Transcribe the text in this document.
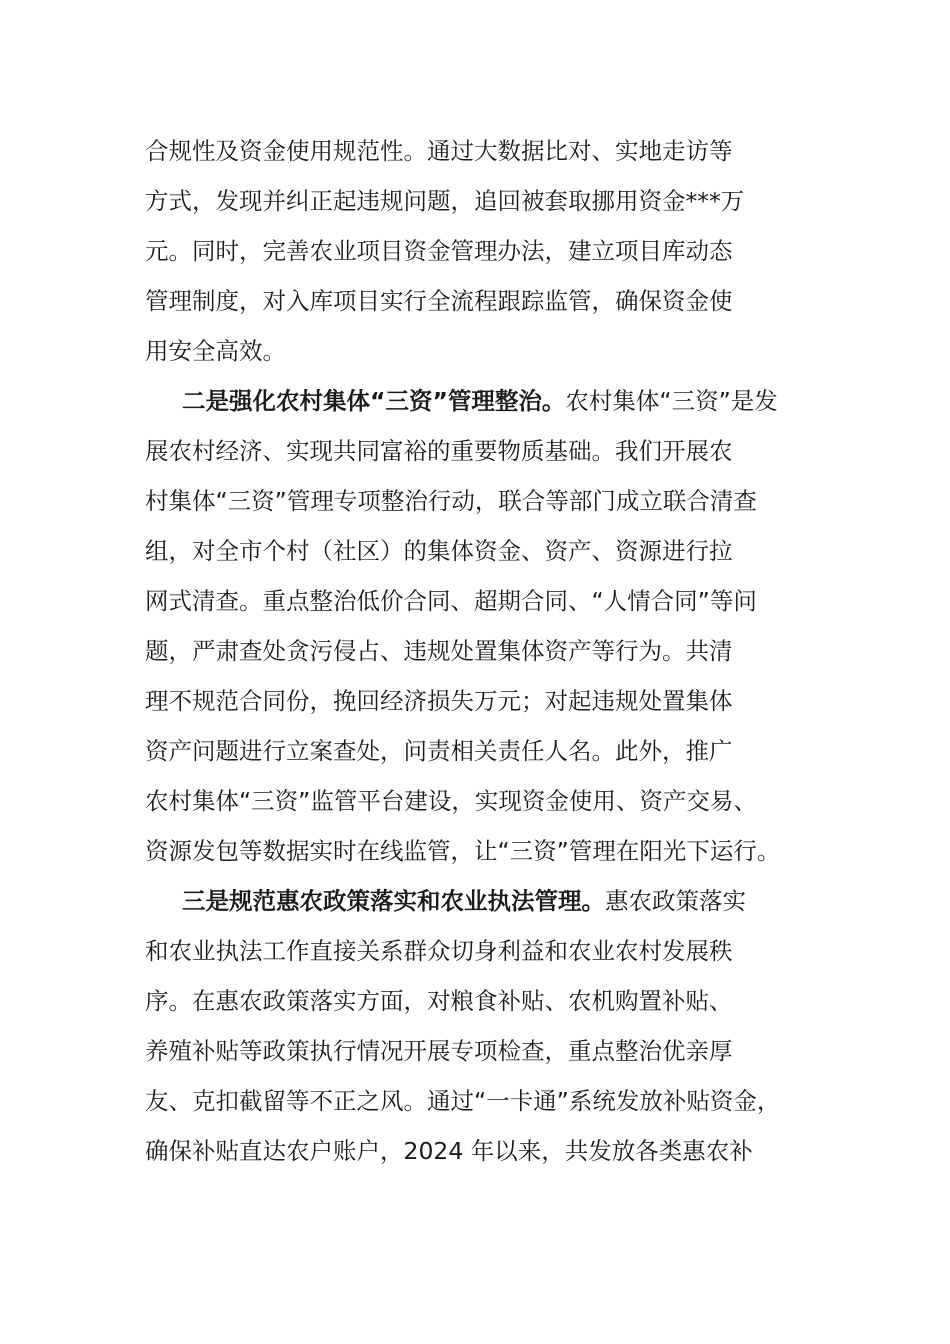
合规性及资金使用规范性。通过大数据比对、实地走访等
方式，发现并纠正起违规问题，追回被套取挪用资金***万
元。同时，完善农业项目资金管理办法，建立项目库动态
管理制度，对入库项目实行全流程跟踪监管，确保资金使
用安全高效。
二是强化农村集体“三资”管理整治。农村集体“三资”是发
展农村经济、实现共同富裕的重要物质基础。我们开展农
村集体“三资”管理专项整治行动，联合等部门成立联合清查
组，对全市个村（社区）的集体资金、资产、资源进行拉
网式清查。重点整治低价合同、超期合同、“人情合同”等问
题，严肃查处贪污侵占、违规处置集体资产等行为。共清
理不规范合同份，挽回经济损失万元；对起违规处置集体
资产问题进行立案查处，问责相关责任人名。此外，推广
农村集体“三资”监管平台建设，实现资金使用、资产交易、
资源发包等数据实时在线监管，让“三资”管理在阳光下运行。
三是规范惠农政策落实和农业执法管理。惠农政策落实
和农业执法工作直接关系群众切身利益和农业农村发展秩
序。在惠农政策落实方面，对粮食补贴、农机购置补贴、
养殖补贴等政策执行情况开展专项检查，重点整治优亲厚
友、克扣截留等不正之风。通过“一卡通”系统发放补贴资金，
确保补贴直达农户账户，2024 年以来，共发放各类惠农补
